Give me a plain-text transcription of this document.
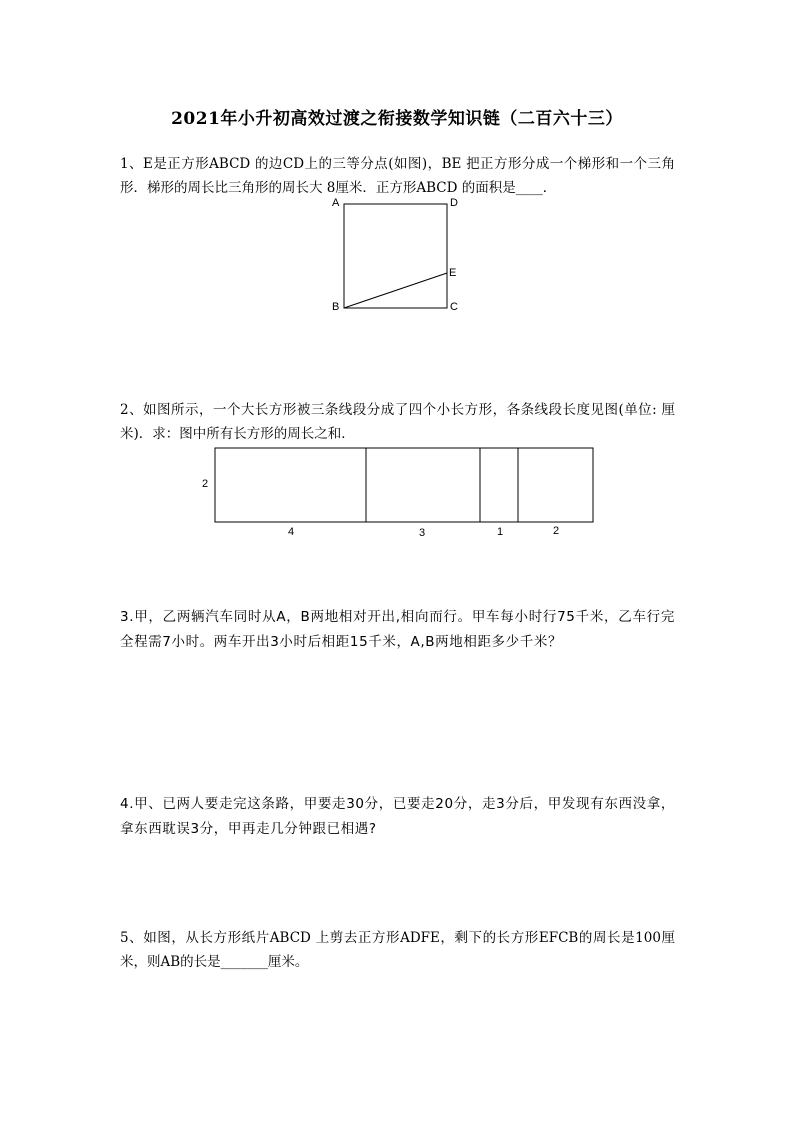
2021年小升初高效过渡之衔接数学知识链（二百六十三）
1、E是正方形ABCD 的边CD上的三等分点(如图)，BE 把正方形分成一个梯形和一个三角形．梯形的周长比三角形的周长大 8厘米．正方形ABCD 的面积是____．
A	D
E
B	C
2
4	3	1	2
2、如图所示，一个大长方形被三条线段分成了四个小长方形，各条线段长度见图(单位: 厘米)．求：图中所有长方形的周长之和．
3.甲，乙两辆汽车同时从A，B两地相对开出,相向而行。甲车每小时行75千米，乙车行完全程需7小时。两车开出3小时后相距15千米，A,B两地相距多少千米？
4.甲、已两人要走完这条路，甲要走30分，已要走20分，走3分后，甲发现有东西没拿，拿东西耽误3分，甲再走几分钟跟已相遇?
5、如图，从长方形纸片ABCD 上剪去正方形ADFE，剩下的长方形EFCB的周长是100厘米，则AB的长是_______厘米。
